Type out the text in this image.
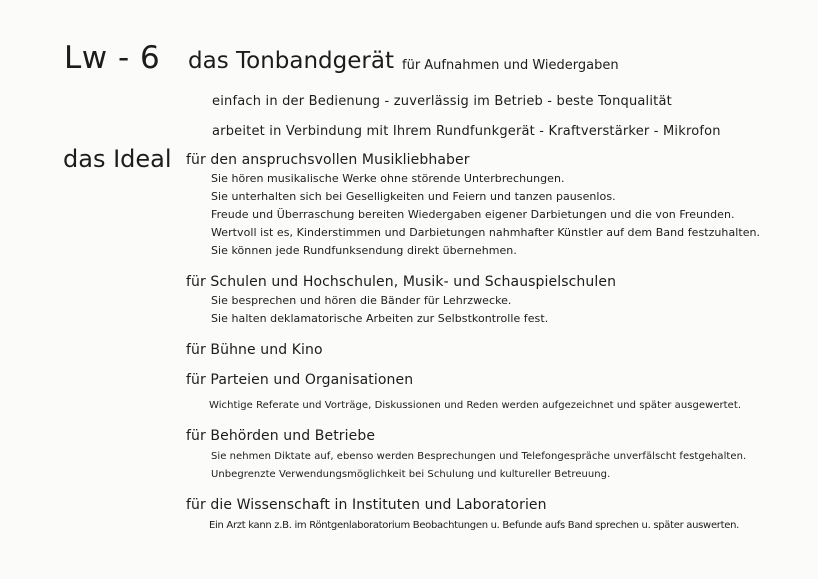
Lw - 6 das Tonbandgerät für Aufnahmen und Wiedergaben
einfach in der Bedienung - zuverlässig im Betrieb - beste Tonqualität
arbeitet in Verbindung mit Ihrem Rundfunkgerät - Kraftverstärker - Mikrofon
das Ideal für den anspruchsvollen Musikliebhaber
Sie hören musikalische Werke ohne störende Unterbrechungen.
Sie unterhalten sich bei Geselligkeiten und Feiern und tanzen pausenlos.
Freude und Überraschung bereiten Wiedergaben eigener Darbietungen und die von Freunden.
Wertvoll ist es, Kinderstimmen und Darbietungen nahmhafter Künstler auf dem Band festzuhalten.
Sie können jede Rundfunksendung direkt übernehmen.
für Schulen und Hochschulen, Musik- und Schauspielschulen
Sie besprechen und hören die Bänder für Lehrzwecke.
Sie halten deklamatorische Arbeiten zur Selbstkontrolle fest.
für Bühne und Kino
für Parteien und Organisationen
Wichtige Referate und Vorträge, Diskussionen und Reden werden aufgezeichnet und später ausgewertet.
für Behörden und Betriebe
Sie nehmen Diktate auf, ebenso werden Besprechungen und Telefongespräche unverfälscht festgehalten.
Unbegrenzte Verwendungsmöglichkeit bei Schulung und kultureller Betreuung.
für die Wissenschaft in Instituten und Laboratorien
Ein Arzt kann z.B. im Röntgenlaboratorium Beobachtungen u. Befunde aufs Band sprechen u. später auswerten.
